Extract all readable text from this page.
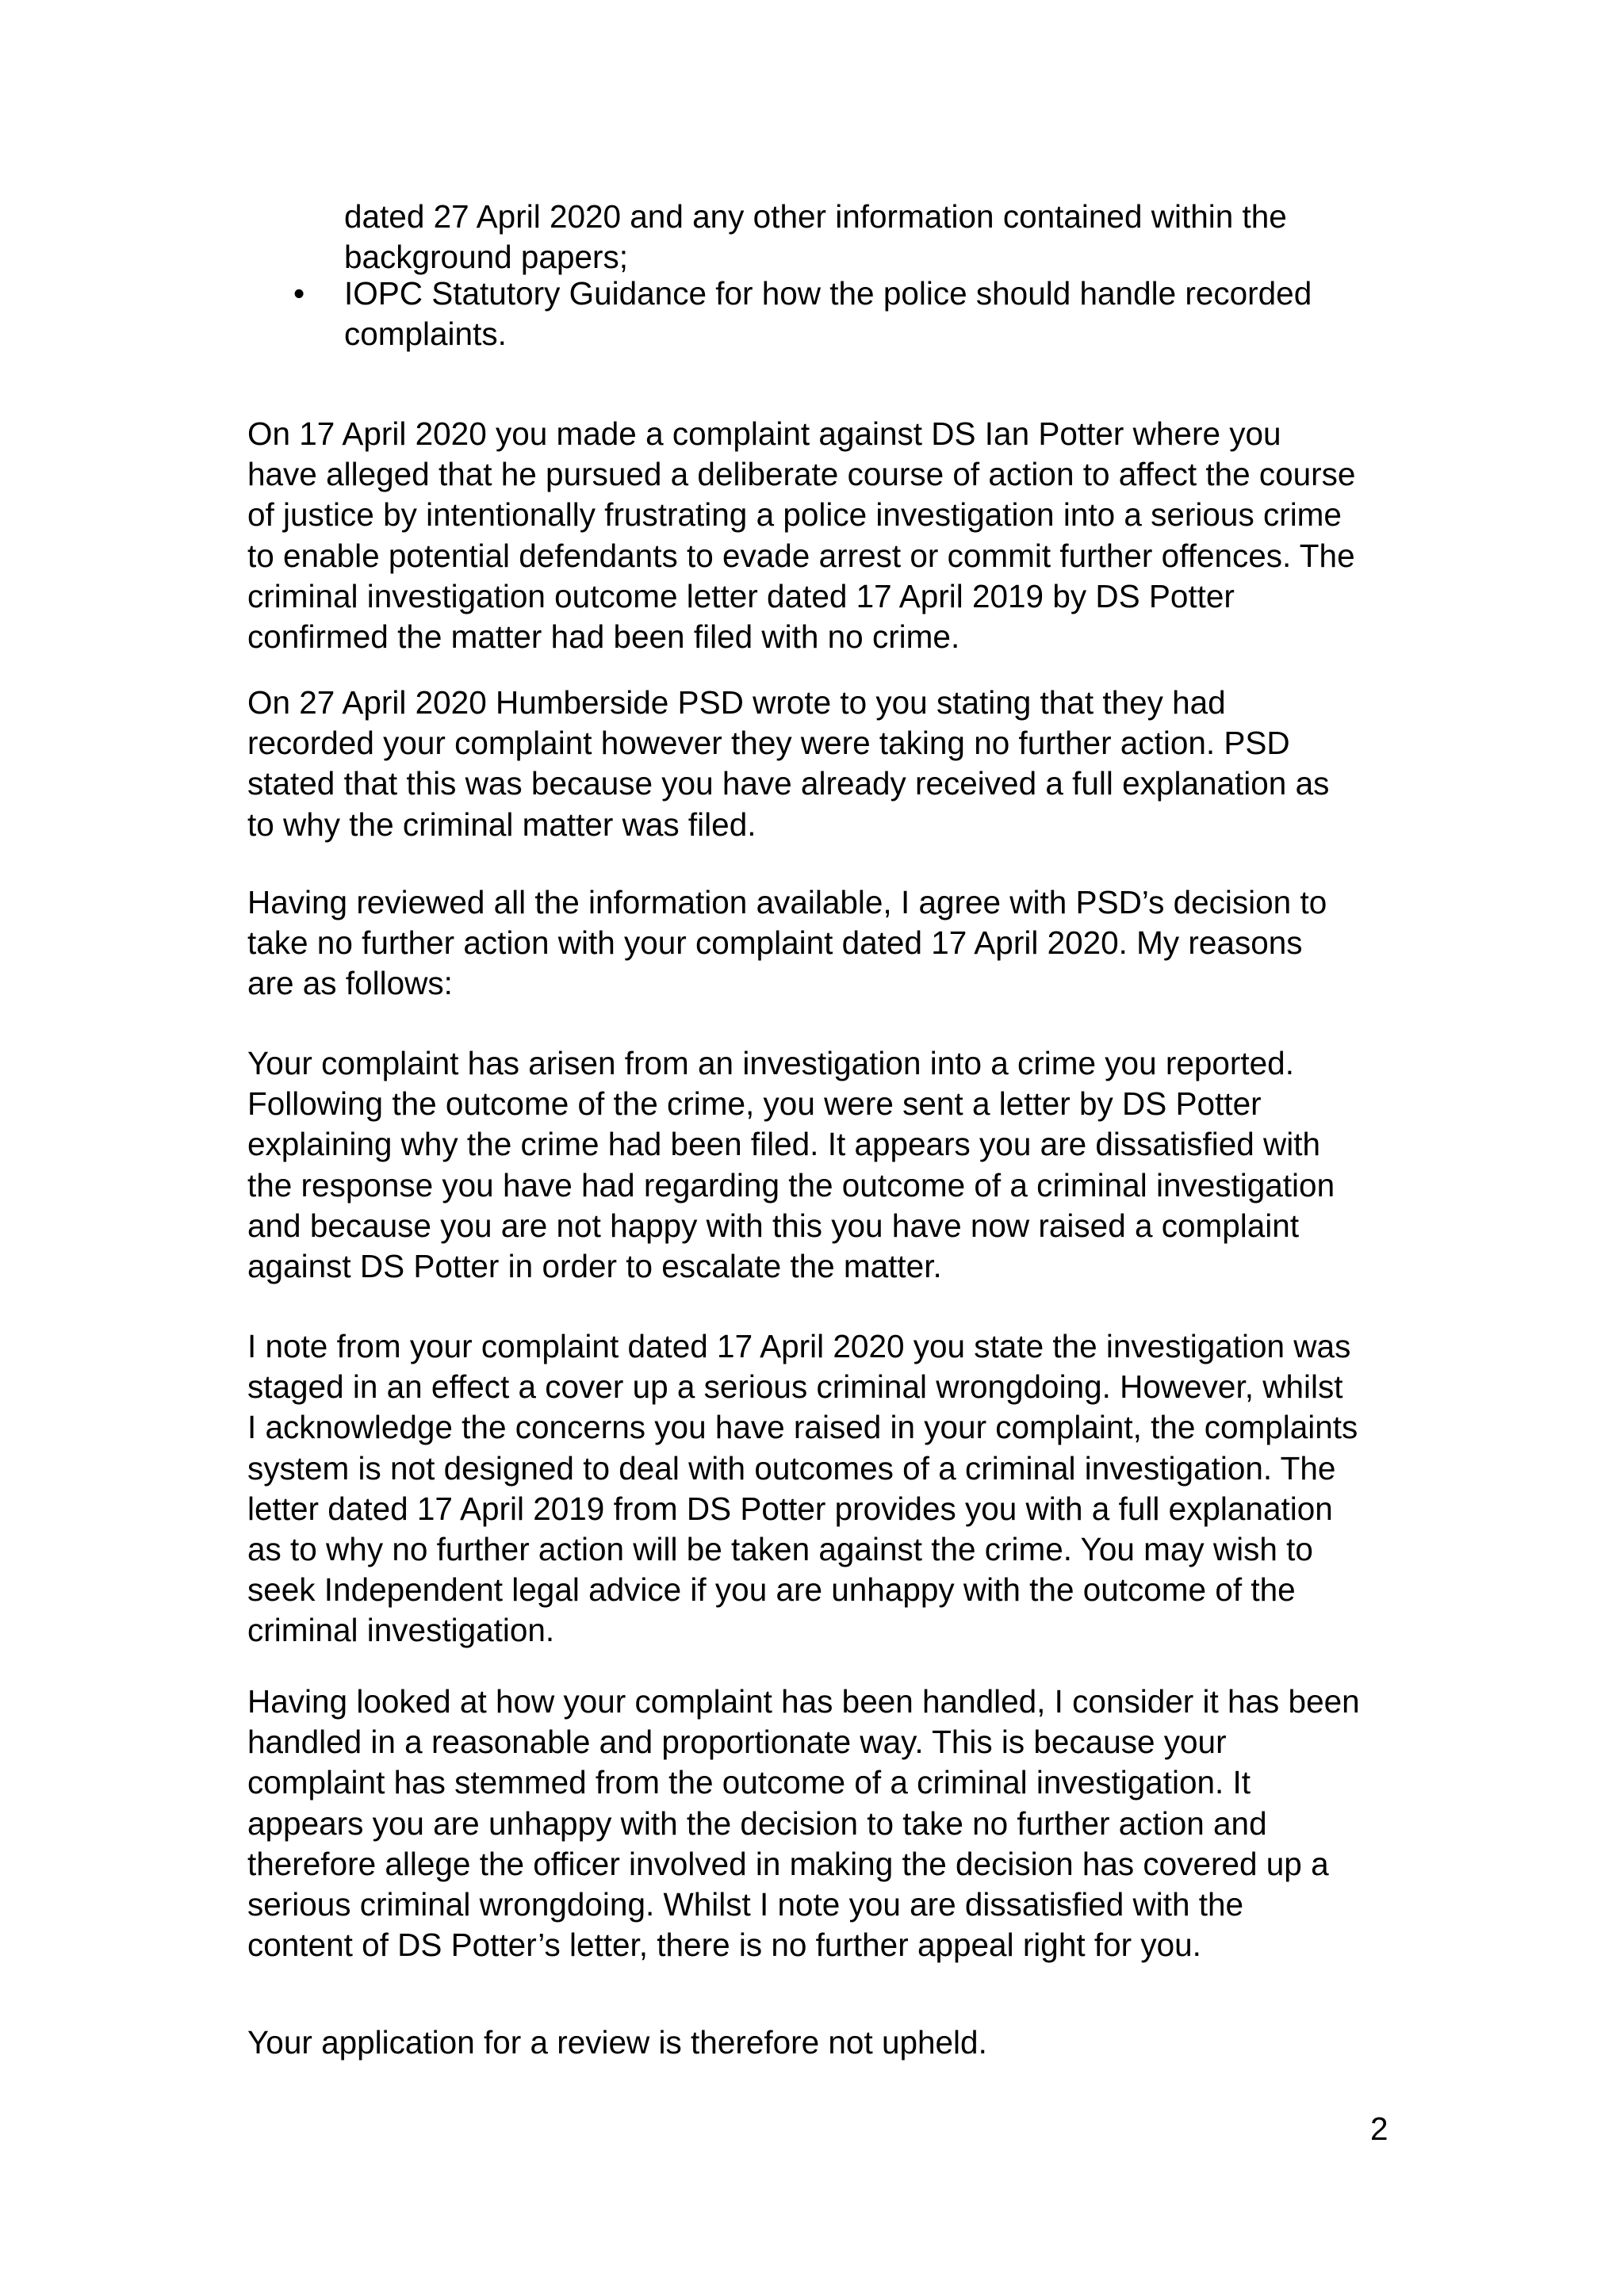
dated 27 April 2020 and any other information contained within the
background papers;
• IOPC Statutory Guidance for how the police should handle recorded
complaints.
On 17 April 2020 you made a complaint against DS Ian Potter where you
have alleged that he pursued a deliberate course of action to affect the course
of justice by intentionally frustrating a police investigation into a serious crime
to enable potential defendants to evade arrest or commit further offences. The
criminal investigation outcome letter dated 17 April 2019 by DS Potter
confirmed the matter had been filed with no crime.
On 27 April 2020 Humberside PSD wrote to you stating that they had
recorded your complaint however they were taking no further action. PSD
stated that this was because you have already received a full explanation as
to why the criminal matter was filed.
Having reviewed all the information available, I agree with PSD’s decision to
take no further action with your complaint dated 17 April 2020. My reasons
are as follows:
Your complaint has arisen from an investigation into a crime you reported.
Following the outcome of the crime, you were sent a letter by DS Potter
explaining why the crime had been filed. It appears you are dissatisfied with
the response you have had regarding the outcome of a criminal investigation
and because you are not happy with this you have now raised a complaint
against DS Potter in order to escalate the matter.
I note from your complaint dated 17 April 2020 you state the investigation was
staged in an effect a cover up a serious criminal wrongdoing. However, whilst
I acknowledge the concerns you have raised in your complaint, the complaints
system is not designed to deal with outcomes of a criminal investigation. The
letter dated 17 April 2019 from DS Potter provides you with a full explanation
as to why no further action will be taken against the crime. You may wish to
seek Independent legal advice if you are unhappy with the outcome of the
criminal investigation.
Having looked at how your complaint has been handled, I consider it has been
handled in a reasonable and proportionate way. This is because your
complaint has stemmed from the outcome of a criminal investigation. It
appears you are unhappy with the decision to take no further action and
therefore allege the officer involved in making the decision has covered up a
serious criminal wrongdoing. Whilst I note you are dissatisfied with the
content of DS Potter’s letter, there is no further appeal right for you.
Your application for a review is therefore not upheld.
2
